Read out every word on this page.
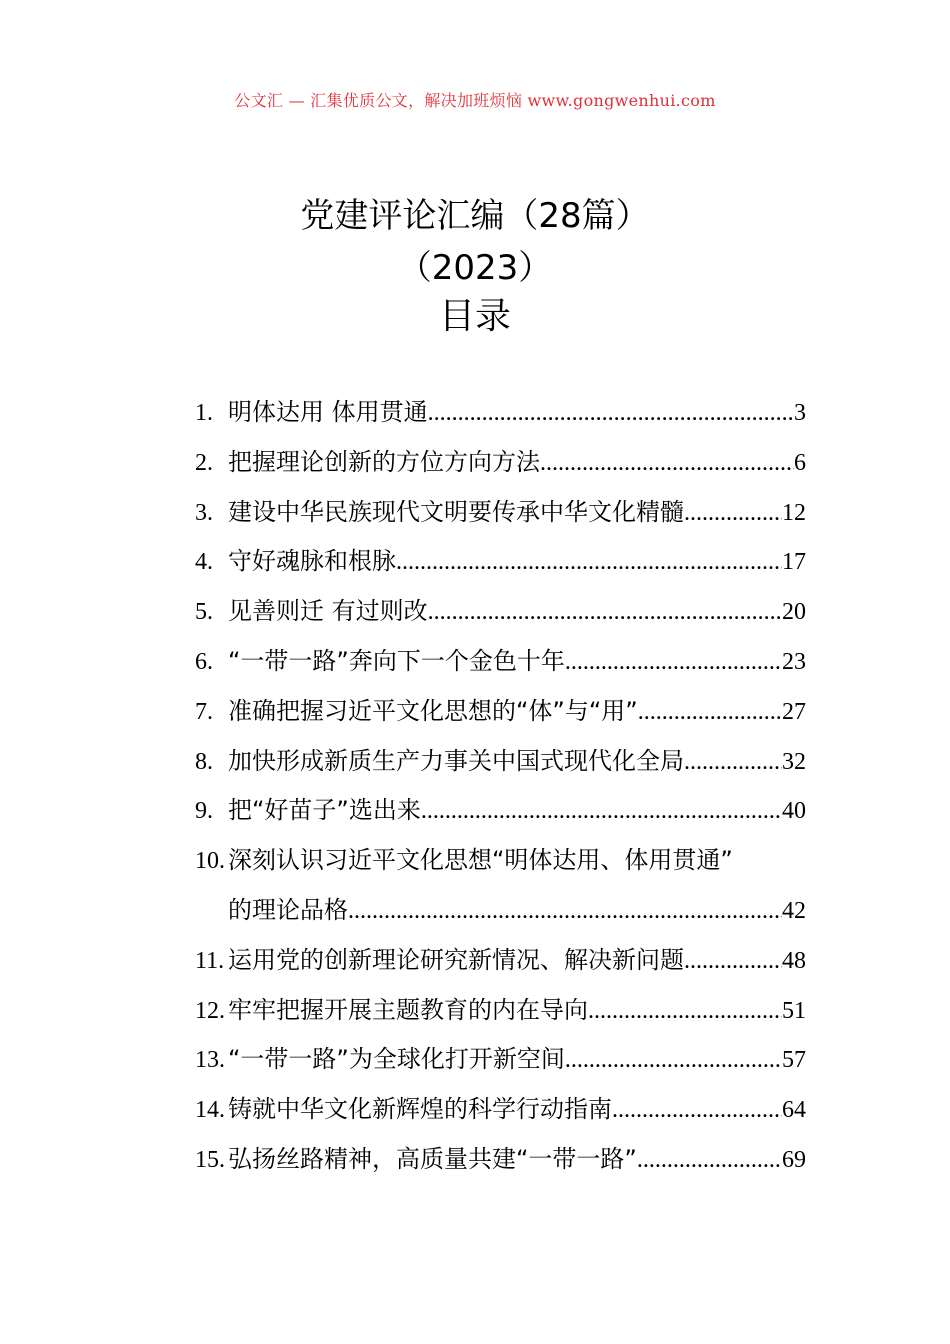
公文汇 — 汇集优质公文，解决加班烦恼 www.gongwenhui.com
党建评论汇编（28篇）
（2023）
目录
1. 明体达用 体用贯通 .....	3
2. 把握理论创新的方位方向方法 .....	6
3. 建设中华民族现代文明要传承中华文化精髓 .....	12
4. 守好魂脉和根脉 .....	17
5. 见善则迁 有过则改 .....	20
6. “一带一路”奔向下一个金色十年 .....	23
7. 准确把握习近平文化思想的“体”与“用” .....	27
8. 加快形成新质生产力事关中国式现代化全局 .....	32
9. 把“好苗子”选出来 .....	40
10. 深刻认识习近平文化思想“明体达用、体用贯通”
的理论品格 .....	42
11. 运用党的创新理论研究新情况、解决新问题 .....	48
12. 牢牢把握开展主题教育的内在导向 .....	51
13. “一带一路”为全球化打开新空间 .....	57
14. 铸就中华文化新辉煌的科学行动指南 .....	64
15. 弘扬丝路精神，高质量共建“一带一路” .....	69
